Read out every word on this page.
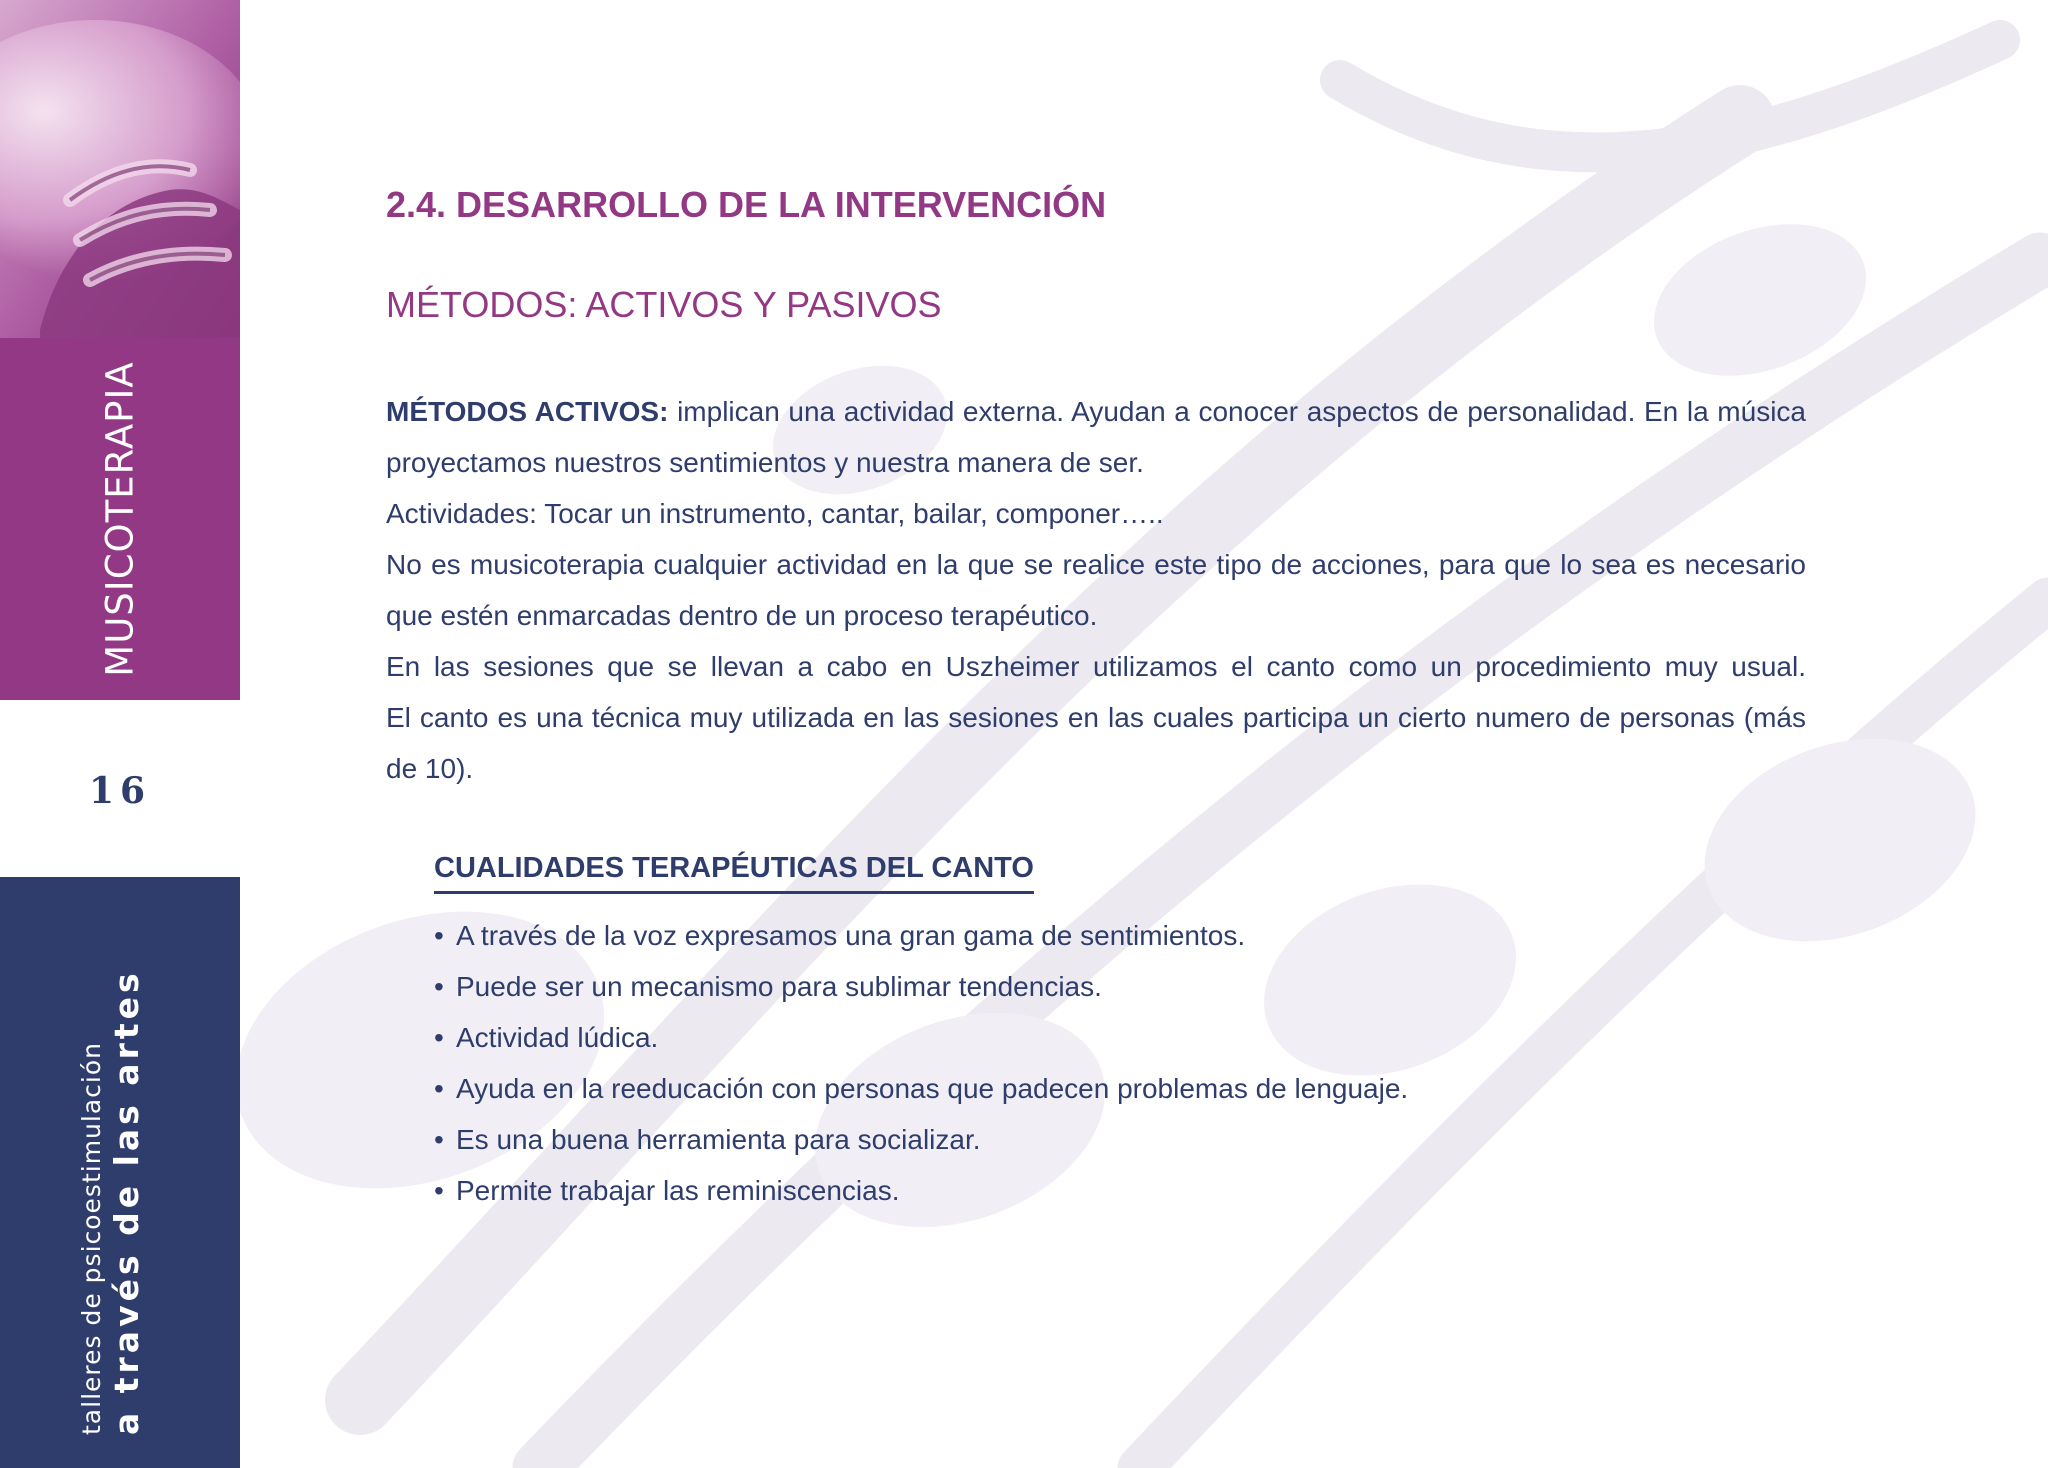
MUSICOTERAPIA
16
talleres de psicoestimulación a través de las artes
2.4. DESARROLLO DE LA INTERVENCIÓN
MÉTODOS: ACTIVOS Y PASIVOS

MÉTODOS ACTIVOS: implican una actividad externa. Ayudan a conocer aspectos de personalidad. En la música proyectamos nuestros sentimientos y nuestra manera de ser.

Actividades: Tocar un instrumento, cantar, bailar, componer…..

No es musicoterapia cualquier actividad en la que se realice este tipo de acciones, para que lo sea es necesario que estén enmarcadas dentro de un proceso terapéutico.

En las sesiones que se llevan a cabo en Uszheimer utilizamos el canto como un procedimiento muy usual.

El canto es una técnica muy utilizada en las sesiones en las cuales participa un cierto numero de personas (más de 10).

CUALIDADES TERAPÉUTICAS DEL CANTO
• A través de la voz expresamos una gran gama de sentimientos.
• Puede ser un mecanismo para sublimar tendencias.
• Actividad lúdica.
• Ayuda en la reeducación con personas que padecen problemas de lenguaje.
• Es una buena herramienta para socializar.
• Permite trabajar las reminiscencias.
